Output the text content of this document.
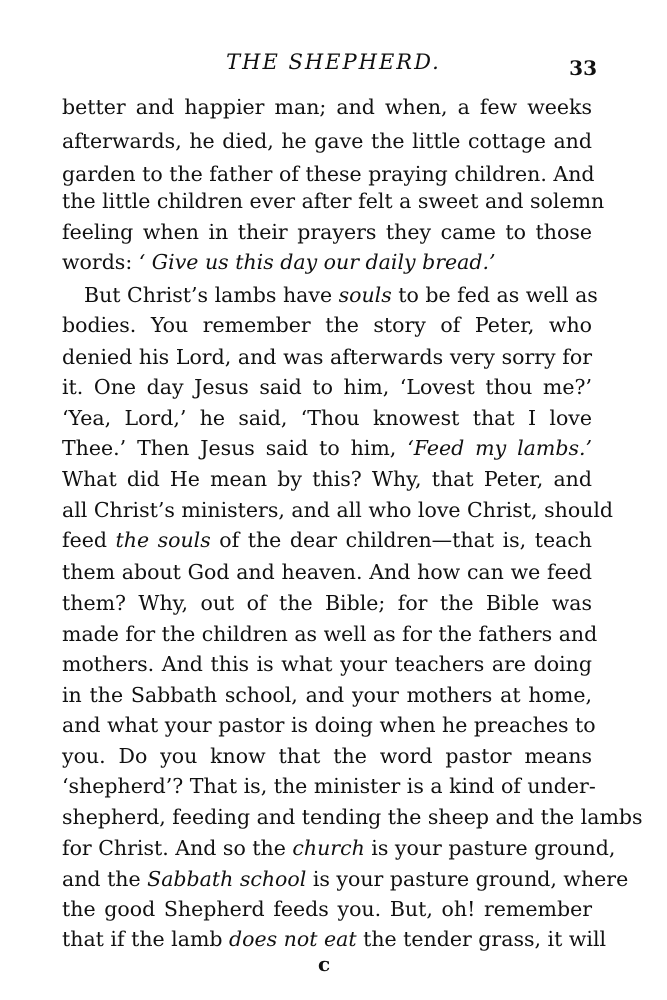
THE SHEPHERD.	33
better and happier man; and when, a few weeks
afterwards, he died, he gave the little cottage and
garden to the father of these praying children. And
the little children ever after felt a sweet and solemn
feeling when in their prayers they came to those
words: ‘ Give us this day our daily bread.’
But Christ’s lambs have souls to be fed as well as
bodies. You remember the story of Peter, who
denied his Lord, and was afterwards very sorry for
it. One day Jesus said to him, ‘Lovest thou me?’
‘Yea, Lord,’ he said, ‘Thou knowest that I love
Thee.’ Then Jesus said to him, ‘Feed my lambs.’
What did He mean by this? Why, that Peter, and
all Christ’s ministers, and all who love Christ, should
feed the souls of the dear children—that is, teach
them about God and heaven. And how can we feed
them? Why, out of the Bible; for the Bible was
made for the children as well as for the fathers and
mothers. And this is what your teachers are doing
in the Sabbath school, and your mothers at home,
and what your pastor is doing when he preaches to
you. Do you know that the word pastor means
‘shepherd’? That is, the minister is a kind of under-
shepherd, feeding and tending the sheep and the lambs
for Christ. And so the church is your pasture ground,
and the Sabbath school is your pasture ground, where
the good Shepherd feeds you. But, oh! remember
that if the lamb does not eat the tender grass, it will
c
